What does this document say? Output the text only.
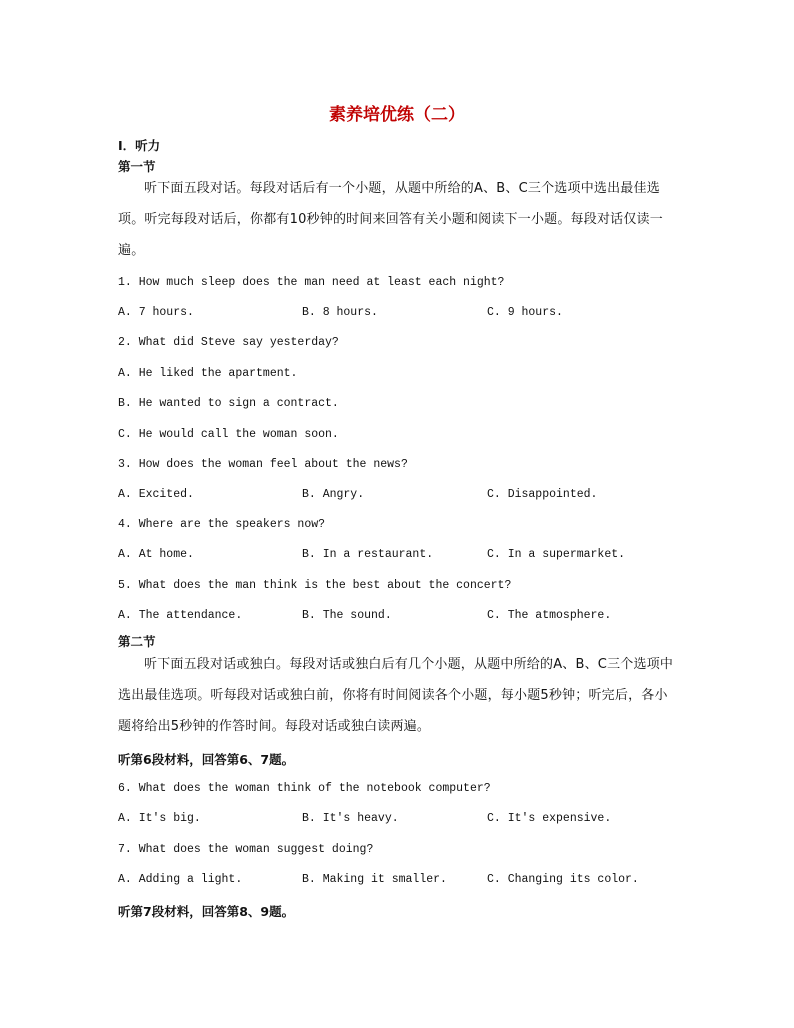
素养培优练（二）
Ⅰ．听力
第一节
听下面五段对话。每段对话后有一个小题，从题中所给的A、B、C三个选项中选出最佳选项。听完每段对话后，你都有10秒钟的时间来回答有关小题和阅读下一小题。每段对话仅读一遍。
1. How much sleep does the man need at least each night?
A. 7 hours.	B. 8 hours.	C. 9 hours.
2. What did Steve say yesterday?
A. He liked the apartment.
B. He wanted to sign a contract.
C. He would call the woman soon.
3. How does the woman feel about the news?
A. Excited.	B. Angry.	C. Disappointed.
4. Where are the speakers now?
A. At home.	B. In a restaurant.	C. In a supermarket.
5. What does the man think is the best about the concert?
A. The attendance.	B. The sound.	C. The atmosphere.
第二节
听下面五段对话或独白。每段对话或独白后有几个小题，从题中所给的A、B、C三个选项中选出最佳选项。听每段对话或独白前，你将有时间阅读各个小题，每小题5秒钟；听完后，各小题将给出5秒钟的作答时间。每段对话或独白读两遍。
听第6段材料，回答第6、7题。
6. What does the woman think of the notebook computer?
A. It's big.	B. It's heavy.	C. It's expensive.
7. What does the woman suggest doing?
A. Adding a light.	B. Making it smaller.	C. Changing its color.
听第7段材料，回答第8、9题。
